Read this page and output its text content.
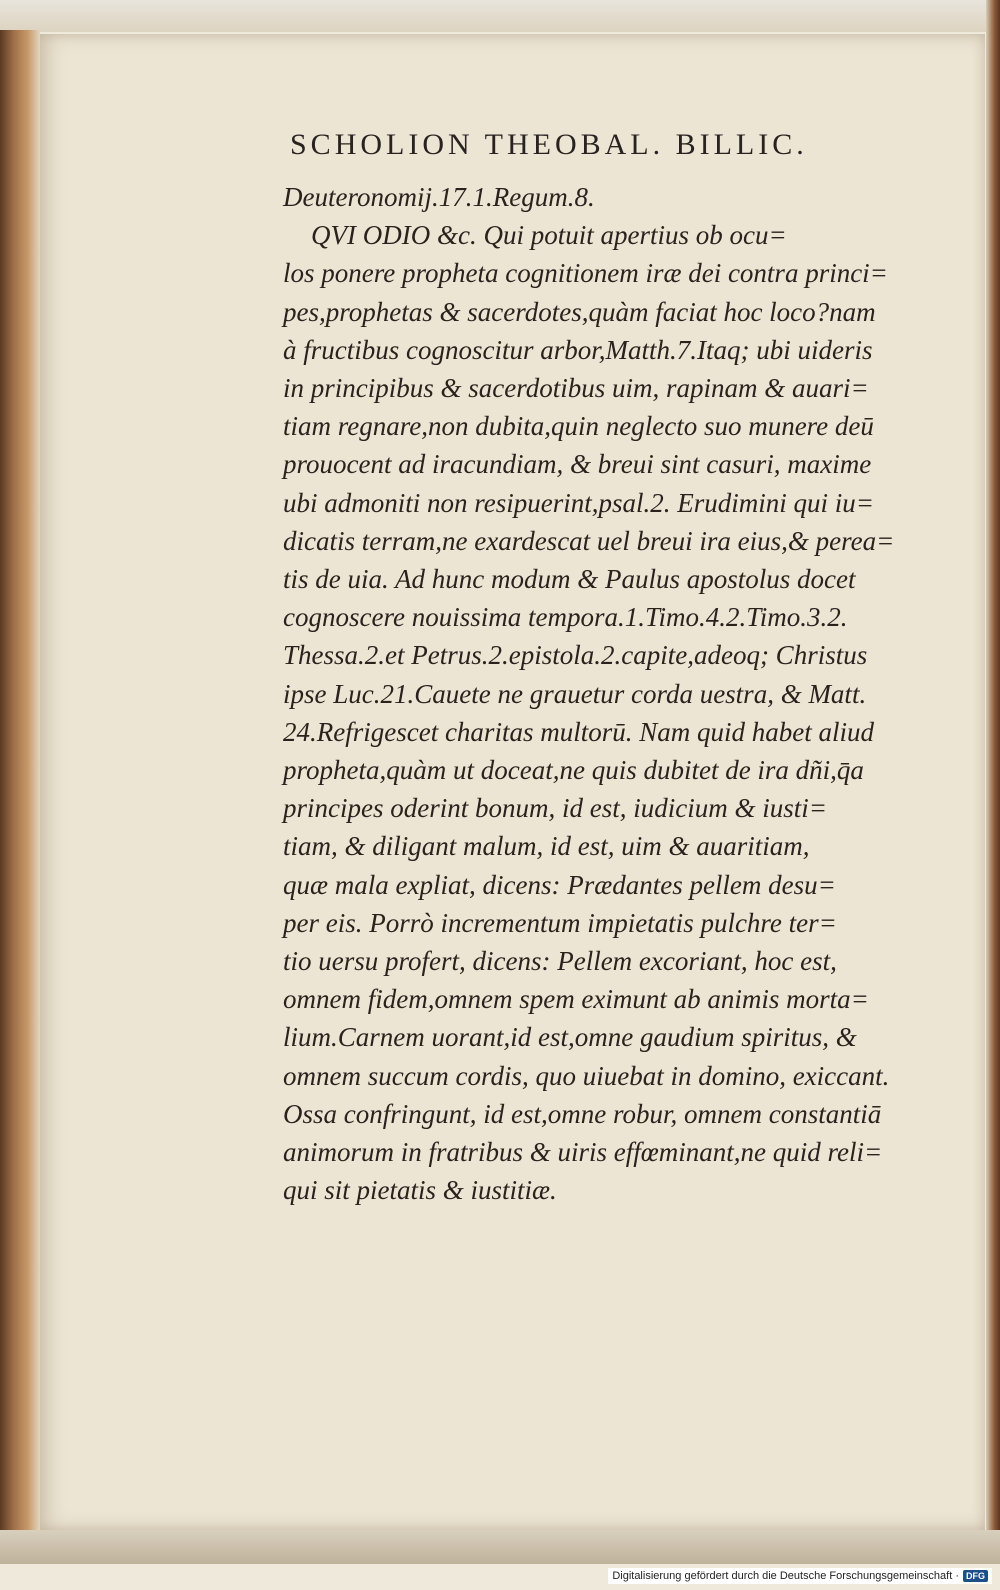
SCHOLION THEOBAL. BILLIC.
Deuteronomij.17.1.Regum.8.
QVI ODIO &c. Qui potuit apertius ob ocu=
los ponere propheta cognitionem iræ dei contra princi=
pes,prophetas & sacerdotes,quàm faciat hoc loco?nam
à fructibus cognoscitur arbor,Matth.7.Itaq; ubi uideris
in principibus & sacerdotibus uim, rapinam & auari=
tiam regnare,non dubita,quin neglecto suo munere deū
prouocent ad iracundiam, & breui sint casuri, maxime
ubi admoniti non resipuerint,psal.2. Erudimini qui iu=
dicatis terram,ne exardescat uel breui ira eius,& perea=
tis de uia. Ad hunc modum & Paulus apostolus docet
cognoscere nouissima tempora.1.Timo.4.2.Timo.3.2.
Thessa.2.et Petrus.2.epistola.2.capite,adeoq; Christus
ipse Luc.21.Cauete ne grauetur corda uestra, & Matt.
24.Refrigescet charitas multorū. Nam quid habet aliud
propheta,quàm ut doceat,ne quis dubitet de ira dñi,q̄a
principes oderint bonum, id est, iudicium & iusti=
tiam, & diligant malum, id est, uim & auaritiam,
quæ mala expliat, dicens: Prædantes pellem desu=
per eis. Porrò incrementum impietatis pulchre ter=
tio uersu profert, dicens: Pellem excoriant, hoc est,
omnem fidem,omnem spem eximunt ab animis morta=
lium.Carnem uorant,id est,omne gaudium spiritus, &
omnem succum cordis, quo uiuebat in domino, exiccant.
Ossa confringunt, id est,omne robur, omnem constantiā
animorum in fratribus & uiris effœminant,ne quid reli=
qui sit pietatis & iustitiæ.
Digitalisierung gefördert durch die Deutsche Forschungsgemeinschaft · DFG
